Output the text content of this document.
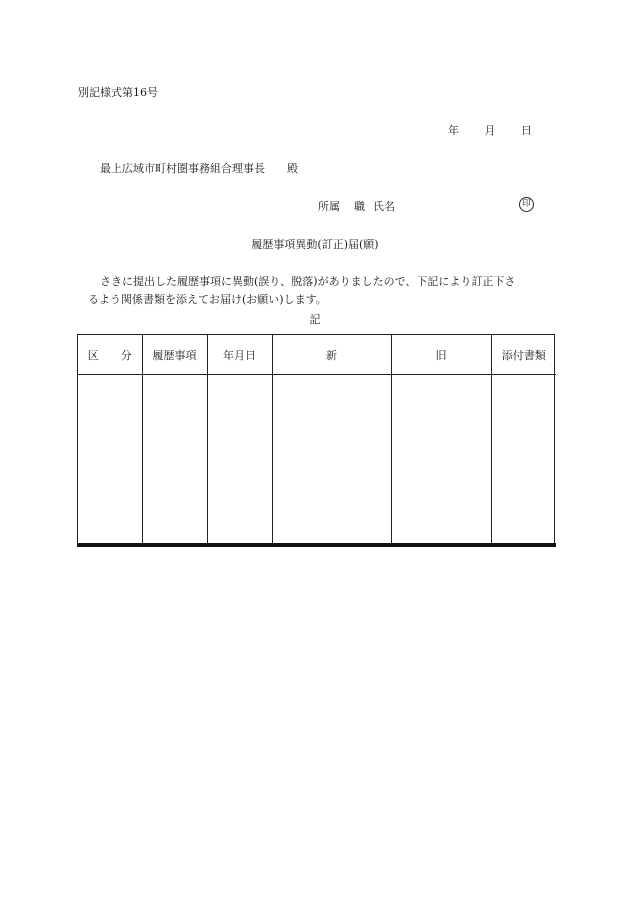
別記様式第16号
年 月 日
最上広域市町村圏事務組合理事長 殿
所属 職 氏名	印
履歴事項異動(訂正)届(願)
さきに提出した履歴事項に異動(誤り、脱落)がありましたので、下記により訂正下さ
るよう関係書類を添えてお届け(お願い)します。
記
区　　分	履歴事項	年月日	新	旧	添付書類
